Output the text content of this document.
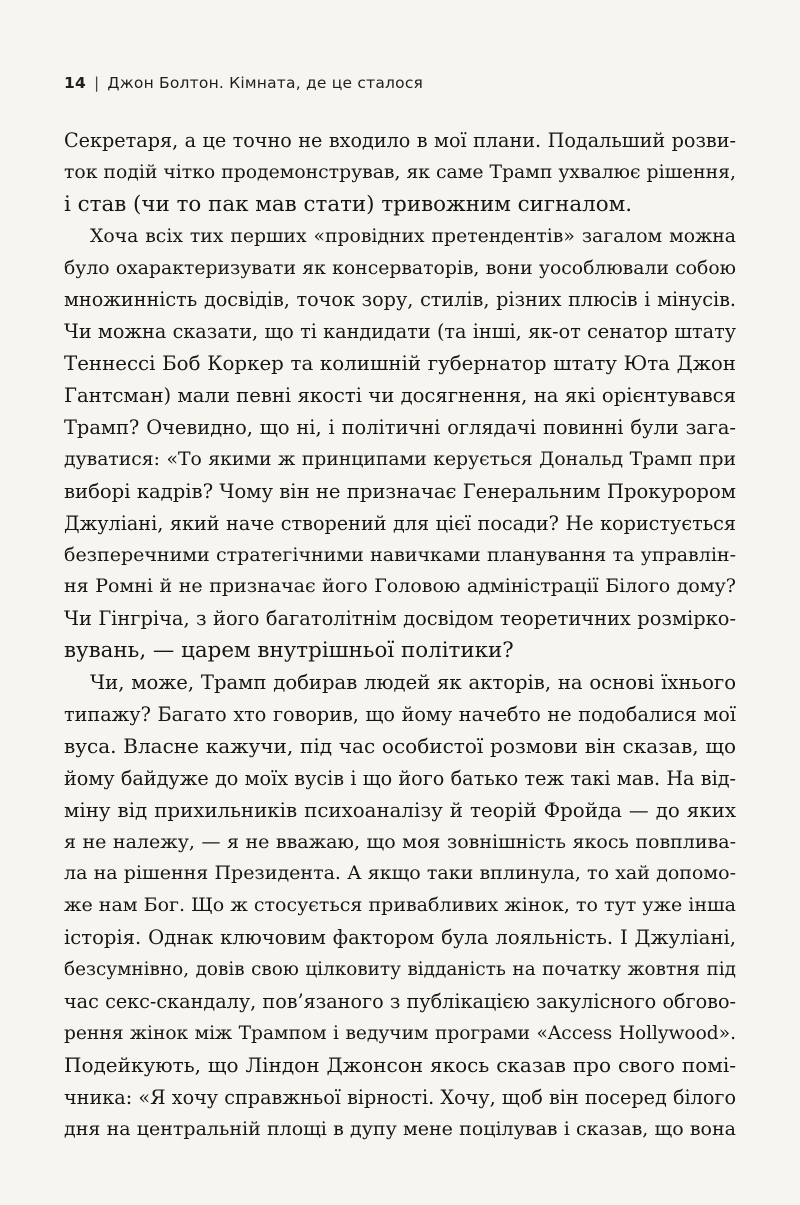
14 | Джон Болтон. Кімната, де це сталося
Секретаря, а це точно не входило в мої плани. Подальший розви-
ток подій чітко продемонстрував, як саме Трамп ухвалює рішення,
і став (чи то пак мав стати) тривожним сигналом.
Хоча всіх тих перших «провідних претендентів» загалом можна
було охарактеризувати як консерваторів, вони уособлювали собою
множинність досвідів, точок зору, стилів, різних плюсів і мінусів.
Чи можна сказати, що ті кандидати (та інші, як-от сенатор штату
Теннессі Боб Коркер та колишній губернатор штату Юта Джон
Гантсман) мали певні якості чи досягнення, на які орієнтувався
Трамп? Очевидно, що ні, і політичні оглядачі повинні були зага-
дуватися: «То якими ж принципами керується Дональд Трамп при
виборі кадрів? Чому він не призначає Генеральним Прокурором
Джуліані, який наче створений для цієї посади? Не користується
безперечними стратегічними навичками планування та управлін-
ня Ромні й не призначає його Головою адміністрації Білого дому?
Чи Гінгріча, з його багатолітнім досвідом теоретичних розмірко-
вувань, — царем внутрішньої політики?
Чи, може, Трамп добирав людей як акторів, на основі їхнього
типажу? Багато хто говорив, що йому начебто не подобалися мої
вуса. Власне кажучи, під час особистої розмови він сказав, що
йому байдуже до моїх вусів і що його батько теж такі мав. На від-
міну від прихильників психоаналізу й теорій Фройда — до яких
я не належу, — я не вважаю, що моя зовнішність якось повплива-
ла на рішення Президента. А якщо таки вплинула, то хай допомо-
же нам Бог. Що ж стосується привабливих жінок, то тут уже інша
історія. Однак ключовим фактором була лояльність. І Джуліані,
безсумнівно, довів свою цілковиту відданість на початку жовтня під
час секс-скандалу, пов’язаного з публікацією закулісного обгово-
рення жінок між Трампом і ведучим програми «Access Hollywood».
Подейкують, що Ліндон Джонсон якось сказав про свого помі-
чника: «Я хочу справжньої вірності. Хочу, щоб він посеред білого
дня на центральній площі в дупу мене поцілував і сказав, що вона
